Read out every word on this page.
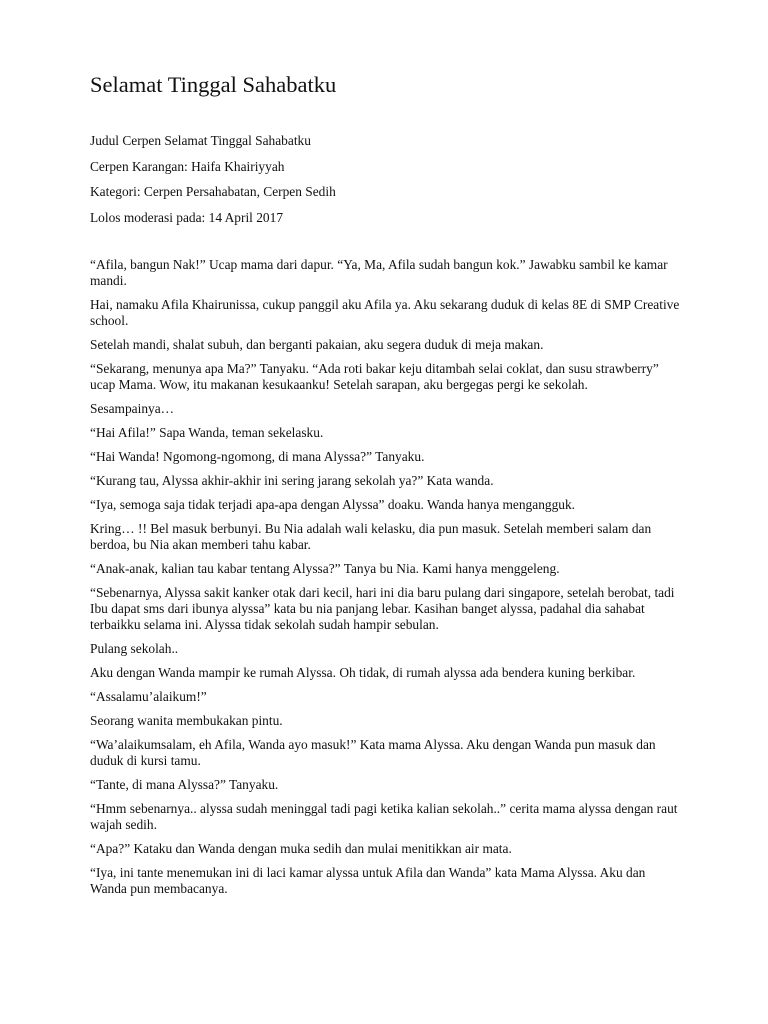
Selamat Tinggal Sahabatku

Judul Cerpen Selamat Tinggal Sahabatku

Cerpen Karangan: Haifa Khairiyyah

Kategori: Cerpen Persahabatan, Cerpen Sedih

Lolos moderasi pada: 14 April 2017

“Afila, bangun Nak!” Ucap mama dari dapur. “Ya, Ma, Afila sudah bangun kok.” Jawabku sambil ke kamar mandi.

Hai, namaku Afila Khairunissa, cukup panggil aku Afila ya. Aku sekarang duduk di kelas 8E di SMP Creative school.

Setelah mandi, shalat subuh, dan berganti pakaian, aku segera duduk di meja makan.

“Sekarang, menunya apa Ma?” Tanyaku. “Ada roti bakar keju ditambah selai coklat, dan susu strawberry” ucap Mama. Wow, itu makanan kesukaanku! Setelah sarapan, aku bergegas pergi ke sekolah.

Sesampainya…

“Hai Afila!” Sapa Wanda, teman sekelasku.

“Hai Wanda! Ngomong-ngomong, di mana Alyssa?” Tanyaku.

“Kurang tau, Alyssa akhir-akhir ini sering jarang sekolah ya?” Kata wanda.

“Iya, semoga saja tidak terjadi apa-apa dengan Alyssa” doaku. Wanda hanya mengangguk.

Kring… !! Bel masuk berbunyi. Bu Nia adalah wali kelasku, dia pun masuk. Setelah memberi salam dan berdoa, bu Nia akan memberi tahu kabar.

“Anak-anak, kalian tau kabar tentang Alyssa?” Tanya bu Nia. Kami hanya menggeleng.

“Sebenarnya, Alyssa sakit kanker otak dari kecil, hari ini dia baru pulang dari singapore, setelah berobat, tadi Ibu dapat sms dari ibunya alyssa” kata bu nia panjang lebar. Kasihan banget alyssa, padahal dia sahabat terbaikku selama ini. Alyssa tidak sekolah sudah hampir sebulan.

Pulang sekolah..

Aku dengan Wanda mampir ke rumah Alyssa. Oh tidak, di rumah alyssa ada bendera kuning berkibar.

“Assalamu’alaikum!”

Seorang wanita membukakan pintu.

“Wa’alaikumsalam, eh Afila, Wanda ayo masuk!” Kata mama Alyssa. Aku dengan Wanda pun masuk dan duduk di kursi tamu.

“Tante, di mana Alyssa?” Tanyaku.

“Hmm sebenarnya.. alyssa sudah meninggal tadi pagi ketika kalian sekolah..” cerita mama alyssa dengan raut wajah sedih.

“Apa?” Kataku dan Wanda dengan muka sedih dan mulai menitikkan air mata.

“Iya, ini tante menemukan ini di laci kamar alyssa untuk Afila dan Wanda” kata Mama Alyssa. Aku dan Wanda pun membacanya.
